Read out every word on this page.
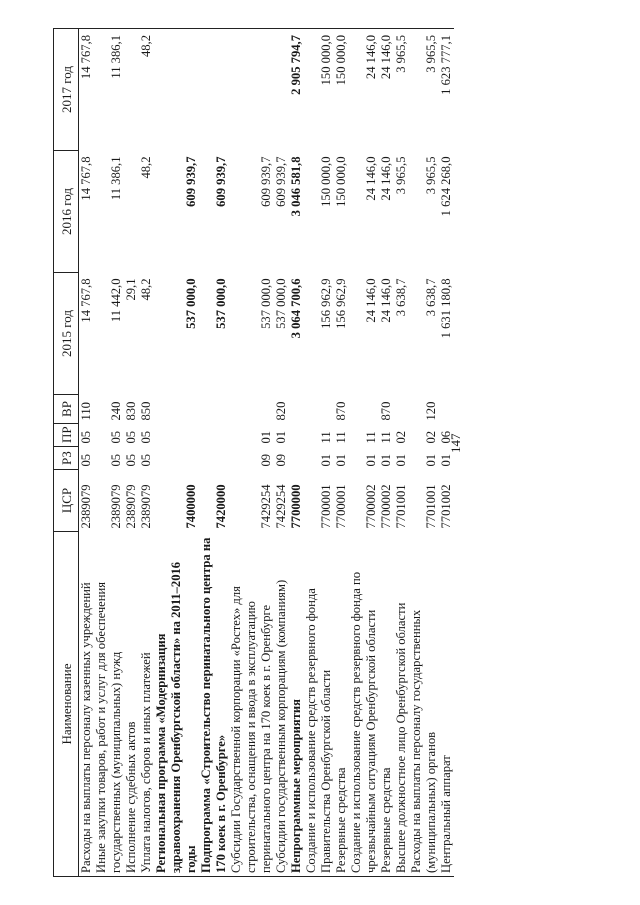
147
Наименование	ЦСР	РЗ	ПР	ВР	2015 год	2016 год	2017 год
Расходы на выплаты персоналу казенных учреждений	2389079	05	05	110	14 767,8	14 767,8	14 767,8
Иные закупки товаров, работ и услуг для обеспечения государственных (муниципальных) нужд	2389079	05	05	240	11 442,0	11 386,1	11 386,1
Исполнение судебных актов	2389079	05	05	830	29,1		
Уплата налогов, сборов и иных платежей	2389079	05	05	850	48,2	48,2	48,2
Региональная программа «Модернизация здравоохранения Оренбургской области» на 2011–2016 годы	7400000				537 000,0	609 939,7	
Подпрограмма «Строительство перинатального центра на 170 коек в г. Оренбурге»	7420000				537 000,0	609 939,7	
Субсидии Государственной корпорации «Ростех» для строительства, оснащения и ввода в эксплуатацию перинатального центра на 170 коек в г. Оренбурге	7429254	09	01		537 000,0	609 939,7	
Субсидии государственным корпорациям (компаниям)	7429254	09	01	820	537 000,0	609 939,7	
Непрограммные мероприятия	7700000				3 064 700,6	3 046 581,8	2 905 794,7
Создание и использование средств резервного фонда Правительства Оренбургской области	7700001	01	11		156 962,9	150 000,0	150 000,0
Резервные средства	7700001	01	11	870	156 962,9	150 000,0	150 000,0
Создание и использование средств резервного фонда по чрезвычайным ситуациям Оренбургской области	7700002	01	11		24 146,0	24 146,0	24 146,0
Резервные средства	7700002	01	11	870	24 146,0	24 146,0	24 146,0
Высшее должностное лицо Оренбургской области	7701001	01	02		3 638,7	3 965,5	3 965,5
Расходы на выплаты персоналу государственных (муниципальных) органов	7701001	01	02	120	3 638,7	3 965,5	3 965,5
Центральный аппарат	7701002	01	06		1 631 180,8	1 624 268,0	1 623 777,1
